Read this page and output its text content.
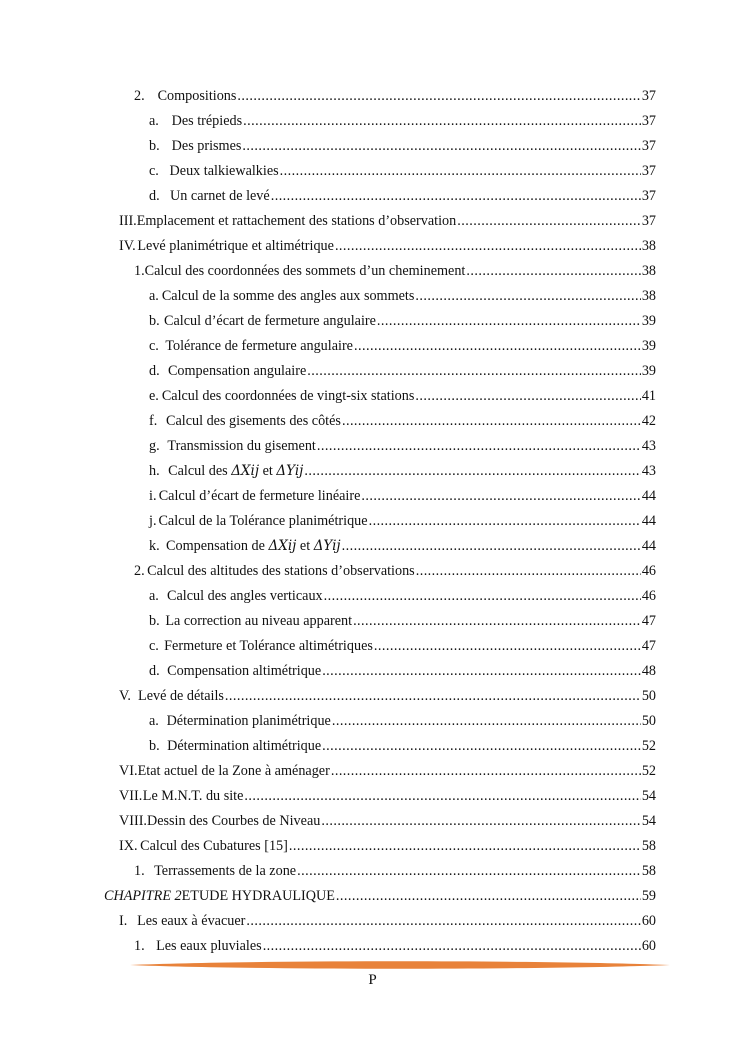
2. Compositions . . .	37
a. Des trépieds . . .	37
b. Des prismes . . .	37
c. Deux talkiewalkies . . .	37
d. Un carnet de levé . . .	37
III. Emplacement et rattachement des stations d’observation . . .	37
IV. Levé planimétrique et altimétrique . . .	38
1. Calcul des coordonnées des sommets d’un cheminement . . .	38
a. Calcul de la somme des angles aux sommets . . .	38
b. Calcul d’écart de fermeture angulaire . . .	39
c. Tolérance de fermeture angulaire . . .	39
d. Compensation angulaire . . .	39
e. Calcul des coordonnées de vingt-six stations . . .	41
f. Calcul des gisements des côtés . . .	42
g. Transmission du gisement . . .	43
h. Calcul des ΔXij et ΔYij . . .	43
i. Calcul d’écart de fermeture linéaire . . .	44
j. Calcul de la Tolérance planimétrique . . .	44
k. Compensation de ΔXij et ΔYij . . .	44
2. Calcul des altitudes des stations d’observations . . .	46
a. Calcul des angles verticaux . . .	46
b. La correction au niveau apparent . . .	47
c. Fermeture et Tolérance altimétriques . . .	47
d. Compensation altimétrique . . .	48
V. Levé de détails . . .	50
a. Détermination planimétrique . . .	50
b. Détermination altimétrique . . .	52
VI. Etat actuel de la Zone à aménager . . .	52
VII. Le M.N.T. du site . . .	54
VIII. Dessin des Courbes de Niveau . . .	54
IX. Calcul des Cubatures [15] . . .	58
1. Terrassements de la zone . . .	58
CHAPITRE 2 ETUDE HYDRAULIQUE . . .	59
I. Les eaux à évacuer . . .	60
1. Les eaux pluviales . . .	60
P
